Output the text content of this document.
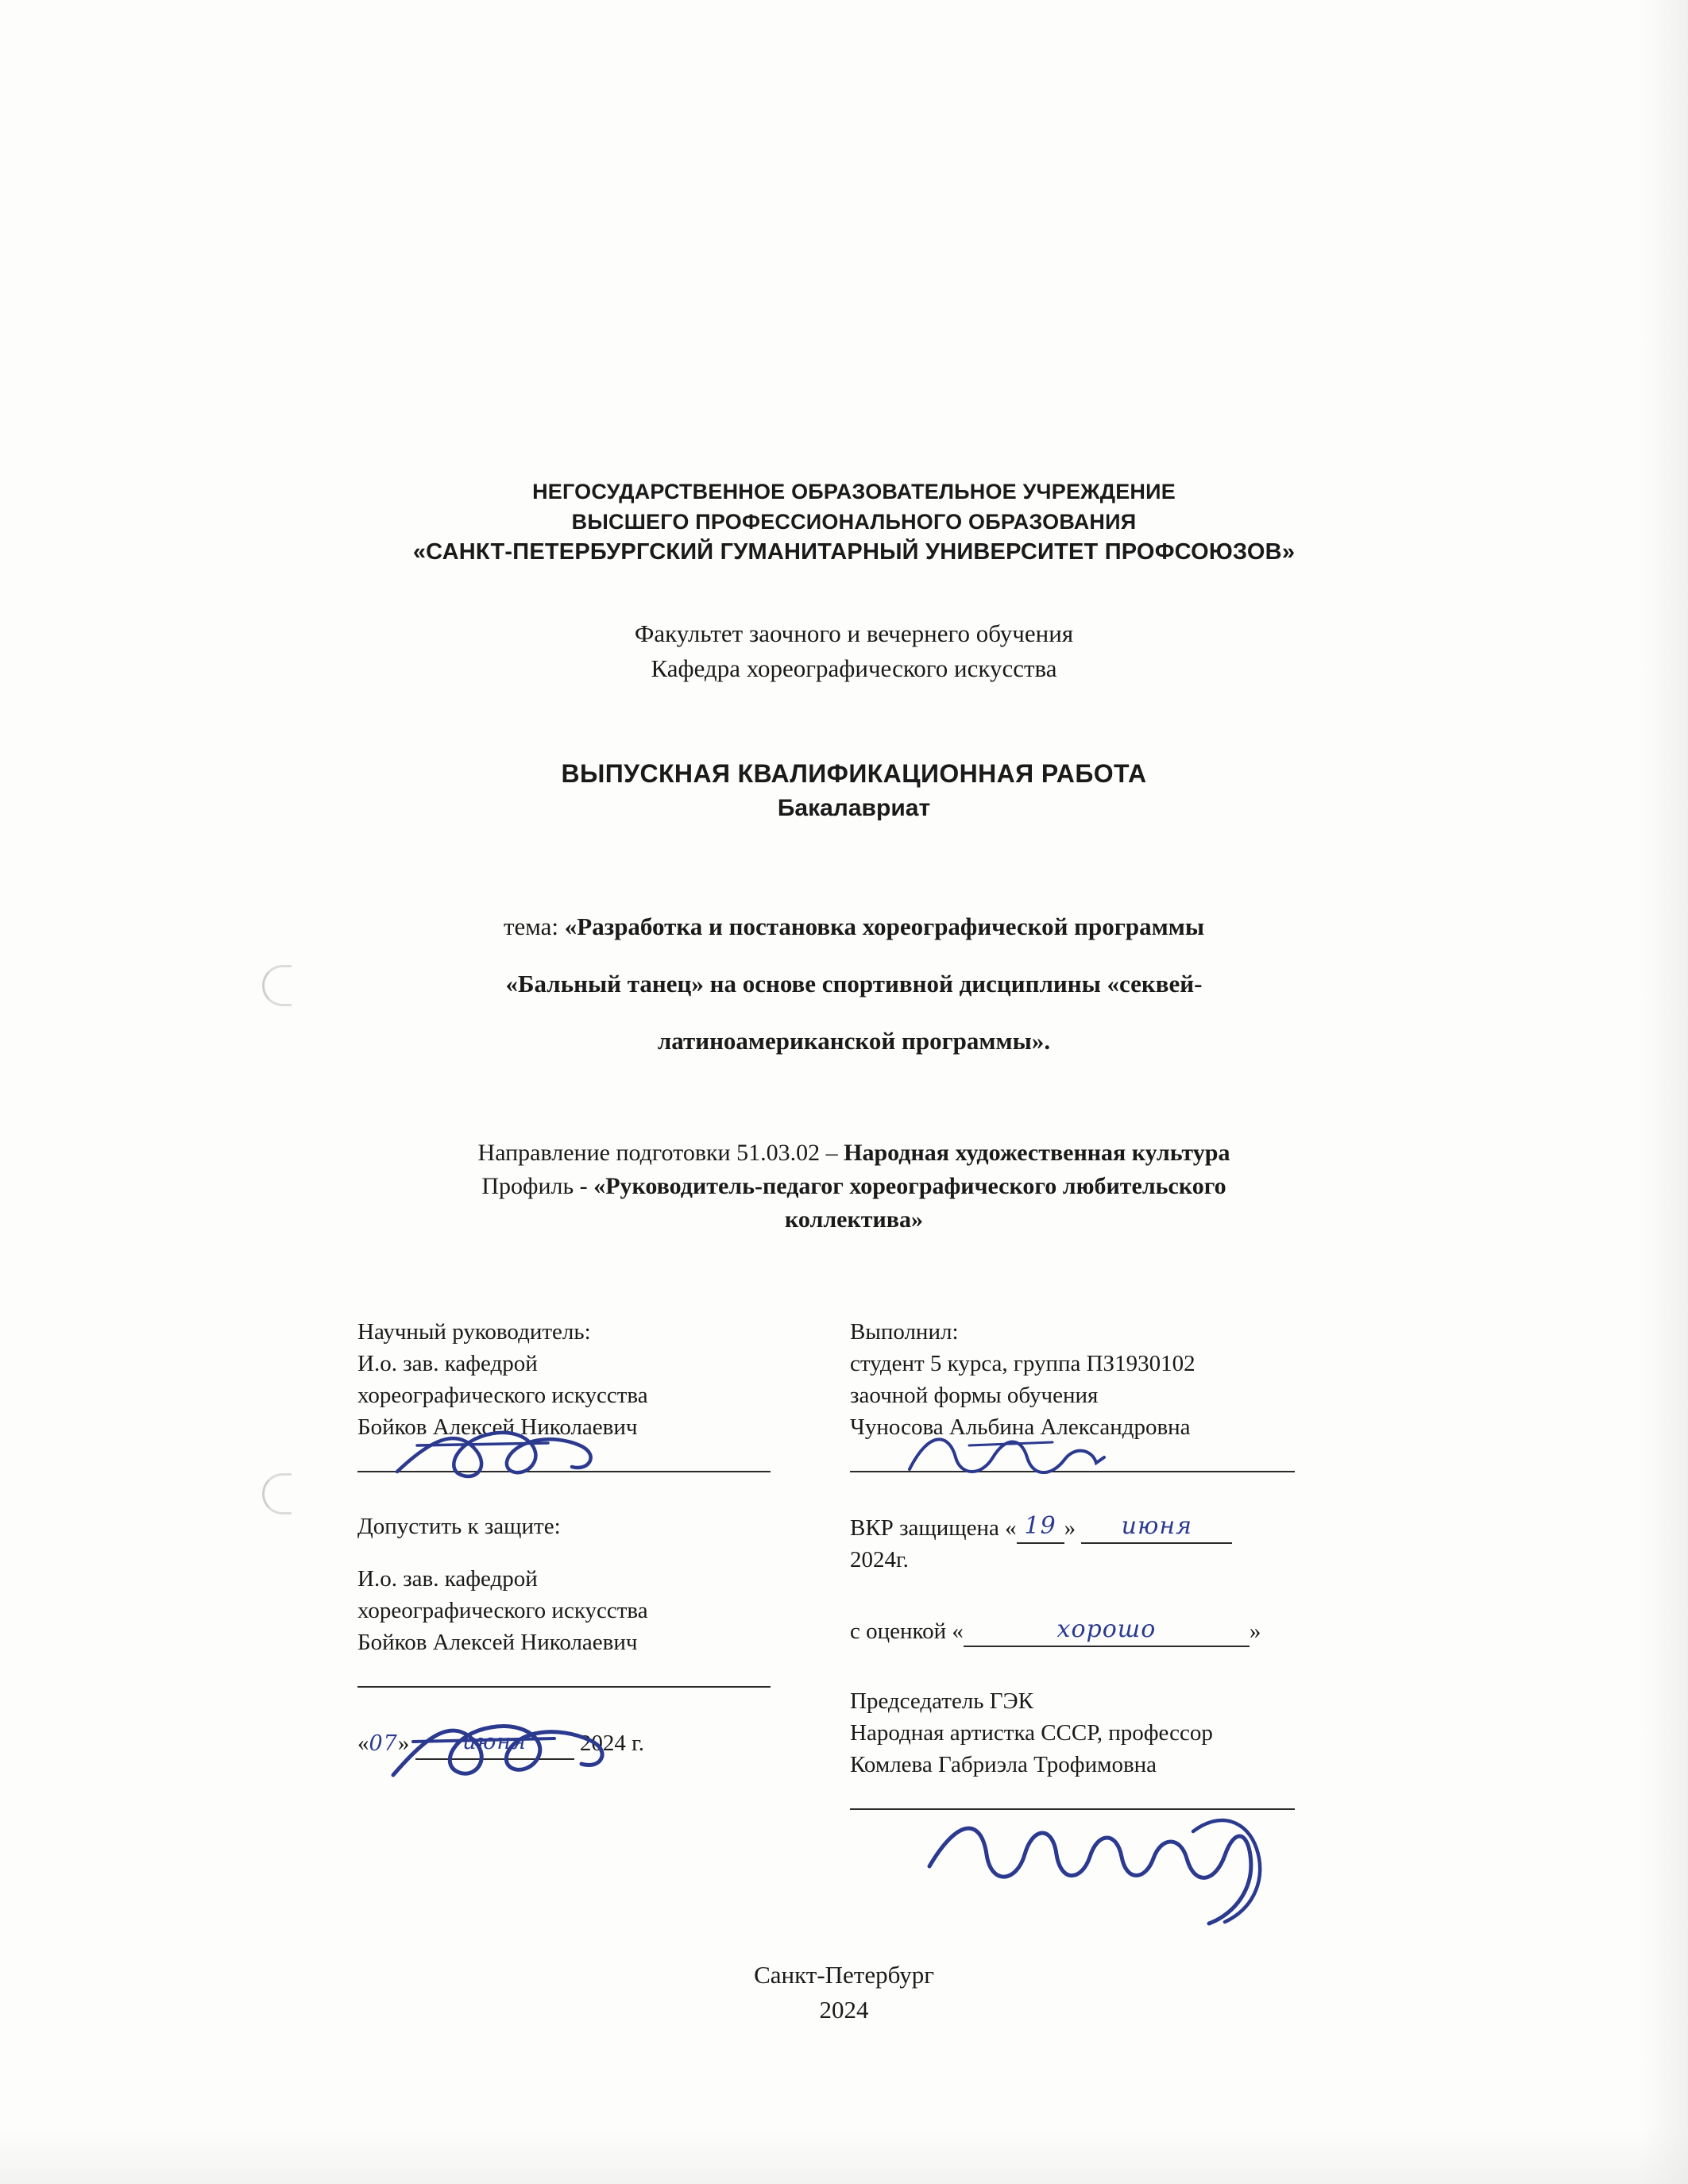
НЕГОСУДАРСТВЕННОЕ ОБРАЗОВАТЕЛЬНОЕ УЧРЕЖДЕНИЕ
ВЫСШЕГО ПРОФЕССИОНАЛЬНОГО ОБРАЗОВАНИЯ
«САНКТ-ПЕТЕРБУРГСКИЙ ГУМАНИТАРНЫЙ УНИВЕРСИТЕТ ПРОФСОЮЗОВ»
Факультет заочного и вечернего обучения
Кафедра хореографического искусства
ВЫПУСКНАЯ КВАЛИФИКАЦИОННАЯ РАБОТА
Бакалавриат
тема: «Разработка и постановка хореографической программы
«Бальный танец» на основе спортивной дисциплины «секвей-
латиноамериканской программы».
Направление подготовки 51.03.02 – Народная художественная культура
Профиль - «Руководитель-педагог хореографического любительского
коллектива»
Научный руководитель:
И.о. зав. кафедрой
хореографического искусства
Бойков Алексей Николаевич
Допустить к защите:
И.о. зав. кафедрой
хореографического искусства
Бойков Алексей Николаевич
«07» июня 2024 г.
Выполнил:
студент 5 курса, группа ПЗ1930102
заочной формы обучения
Чуносова Альбина Александровна
ВКР защищена « 19 » июня
2024г.
с оценкой «	хорошо	»
Председатель ГЭК
Народная артистка СССР, профессор
Комлева Габриэла Трофимовна
Санкт-Петербург
2024
